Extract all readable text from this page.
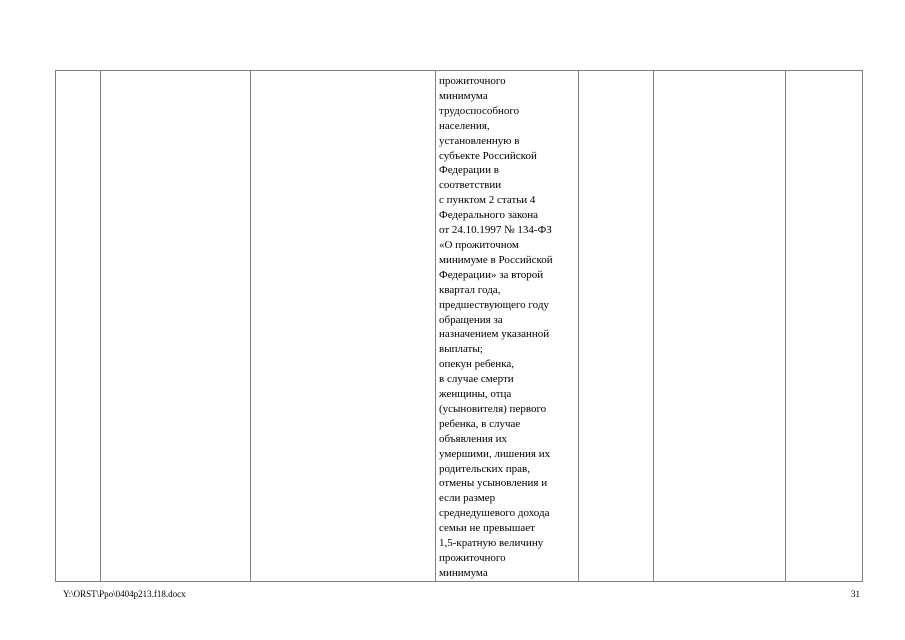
прожиточного
минимума
трудоспособного
населения,
установленную в
субъекте Российской
Федерации в
соответствии
с пунктом 2 статьи 4
Федерального закона
от 24.10.1997 № 134-ФЗ
«О прожиточном
минимуме в Российской
Федерации» за второй
квартал года,
предшествующего году
обращения за
назначением указанной
выплаты;
опекун ребенка,
в случае смерти
женщины, отца
(усыновителя) первого
ребенка, в случае
объявления их
умершими, лишения их
родительских прав,
отмены усыновления и
если размер
среднедушевого дохода
семьи не превышает
1,5-кратную величину
прожиточного
минимума

Y:\ORST\Ppo\0404p213.f18.docx	31
